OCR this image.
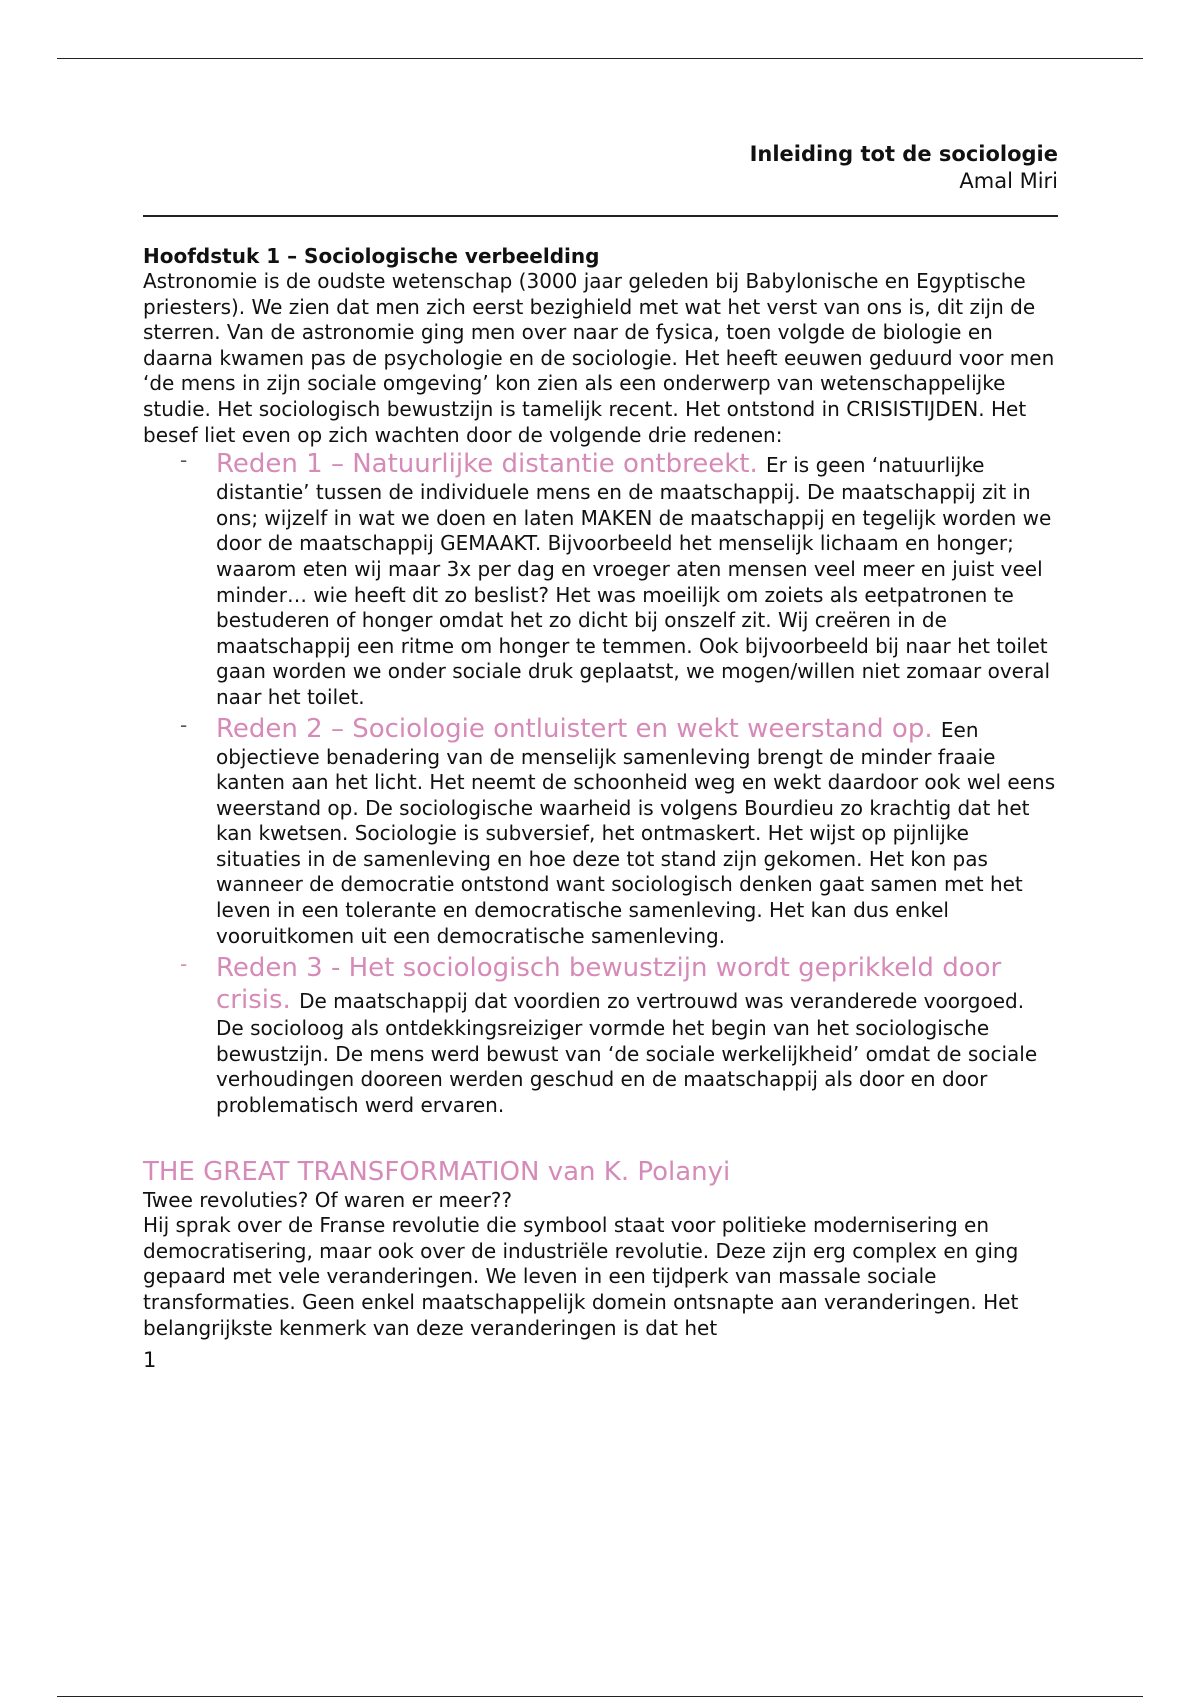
Inleiding tot de sociologie
Amal Miri
Hoofdstuk 1 – Sociologische verbeelding

Astronomie is de oudste wetenschap (3000 jaar geleden bij Babylonische en Egyptische priesters). We zien dat men zich eerst bezighield met wat het verst van ons is, dit zijn de sterren. Van de astronomie ging men over naar de fysica, toen volgde de biologie en daarna kwamen pas de psychologie en de sociologie. Het heeft eeuwen geduurd voor men ‘de mens in zijn sociale omgeving’ kon zien als een onderwerp van wetenschappelijke studie. Het sociologisch bewustzijn is tamelijk recent. Het ontstond in CRISISTIJDEN. Het besef liet even op zich wachten door de volgende drie redenen:

- Reden 1 – Natuurlijke distantie ontbreekt. Er is geen ‘natuurlijke distantie’ tussen de individuele mens en de maatschappij. De maatschappij zit in ons; wijzelf in wat we doen en laten MAKEN de maatschappij en tegelijk worden we door de maatschappij GEMAAKT. Bijvoorbeeld het menselijk lichaam en honger; waarom eten wij maar 3x per dag en vroeger aten mensen veel meer en juist veel minder… wie heeft dit zo beslist? Het was moeilijk om zoiets als eetpatronen te bestuderen of honger omdat het zo dicht bij onszelf zit. Wij creëren in de maatschappij een ritme om honger te temmen. Ook bijvoorbeeld bij naar het toilet gaan worden we onder sociale druk geplaatst, we mogen/willen niet zomaar overal naar het toilet.
- Reden 2 – Sociologie ontluistert en wekt weerstand op. Een objectieve benadering van de menselijk samenleving brengt de minder fraaie kanten aan het licht. Het neemt de schoonheid weg en wekt daardoor ook wel eens weerstand op. De sociologische waarheid is volgens Bourdieu zo krachtig dat het kan kwetsen. Sociologie is subversief, het ontmaskert. Het wijst op pijnlijke situaties in de samenleving en hoe deze tot stand zijn gekomen. Het kon pas wanneer de democratie ontstond want sociologisch denken gaat samen met het leven in een tolerante en democratische samenleving. Het kan dus enkel vooruitkomen uit een democratische samenleving.
- Reden 3 - Het sociologisch bewustzijn wordt geprikkeld door crisis. De maatschappij dat voordien zo vertrouwd was veranderede voorgoed. De socioloog als ontdekkingsreiziger vormde het begin van het sociologische bewustzijn. De mens werd bewust van ‘de sociale werkelijkheid’ omdat de sociale verhoudingen dooreen werden geschud en de maatschappij als door en door problematisch werd ervaren.
THE GREAT TRANSFORMATION van K. Polanyi

Twee revoluties? Of waren er meer??

Hij sprak over de Franse revolutie die symbool staat voor politieke modernisering en democratisering, maar ook over de industriële revolutie. Deze zijn erg complex en ging gepaard met vele veranderingen. We leven in een tijdperk van massale sociale transformaties. Geen enkel maatschappelijk domein ontsnapte aan veranderingen. Het belangrijkste kenmerk van deze veranderingen is dat het

1
